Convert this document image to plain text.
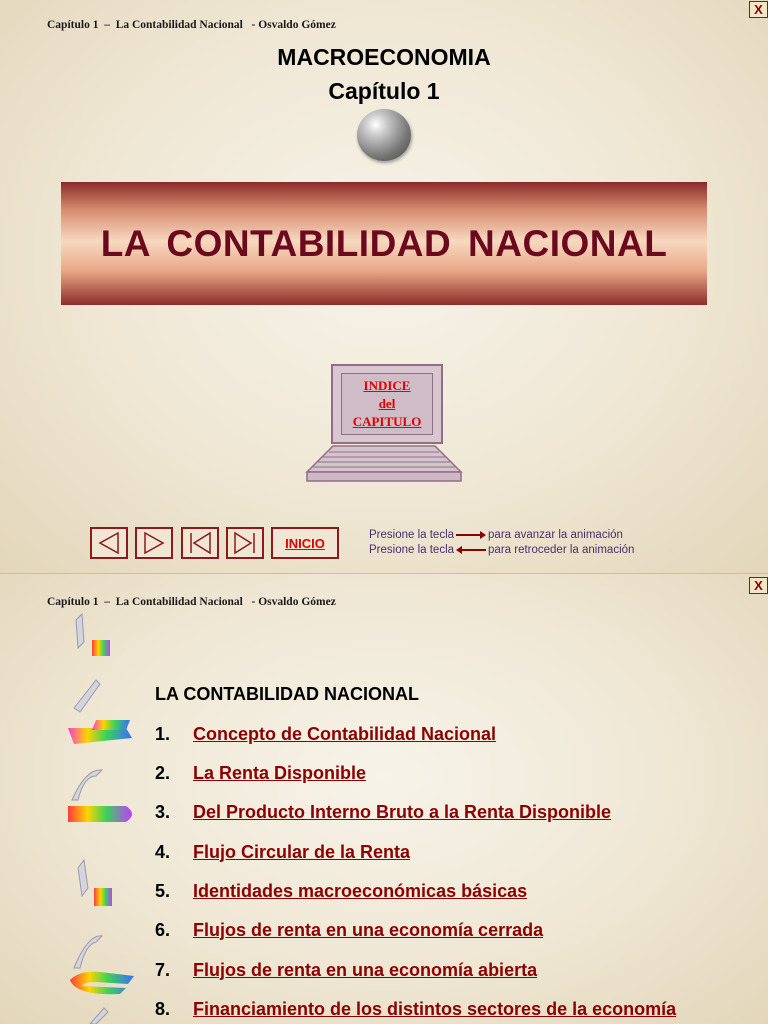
X
Capítulo 1  –  La Contabilidad Nacional   - Osvaldo Gómez
MACROECONOMIA
Capítulo 1
LA CONTABILIDAD NACIONAL
INDICE
del
CAPITULO
INICIO
Presione la tecla	para avanzar la animación
Presione la tecla	para retroceder la animación
X
Capítulo 1  –  La Contabilidad Nacional   - Osvaldo Gómez
LA CONTABILIDAD NACIONAL
1.	Concepto de Contabilidad Nacional
2.	La Renta Disponible
3.	Del Producto Interno Bruto a la Renta Disponible
4.	Flujo Circular de la Renta
5.	Identidades macroeconómicas básicas
6.	Flujos de renta en una economía cerrada
7.	Flujos de renta en una economía abierta
8.	Financiamiento de los distintos sectores de la economía
